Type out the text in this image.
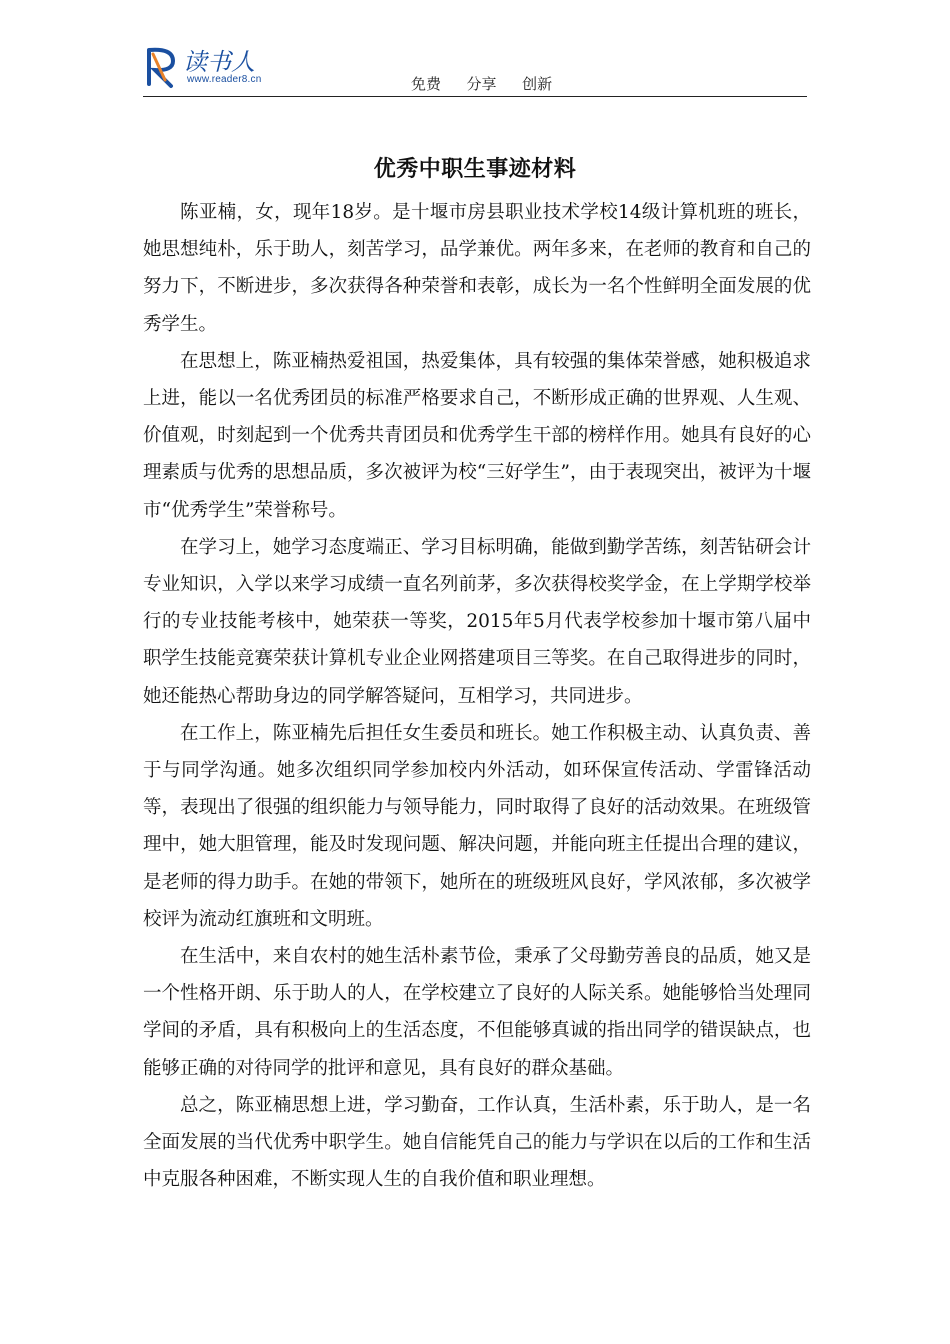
读书人
www.reader8.cn	免费  分享  创新
优秀中职生事迹材料

陈亚楠，女，现年18岁。是十堰市房县职业技术学校14级计算机班的班长，她思想纯朴，乐于助人，刻苦学习，品学兼优。两年多来，在老师的教育和自己的努力下，不断进步，多次获得各种荣誉和表彰，成长为一名个性鲜明全面发展的优秀学生。

在思想上，陈亚楠热爱祖国，热爱集体，具有较强的集体荣誉感，她积极追求上进，能以一名优秀团员的标准严格要求自己，不断形成正确的世界观、人生观、价值观，时刻起到一个优秀共青团员和优秀学生干部的榜样作用。她具有良好的心理素质与优秀的思想品质，多次被评为校“三好学生”，由于表现突出，被评为十堰市“优秀学生”荣誉称号。

在学习上，她学习态度端正、学习目标明确，能做到勤学苦练，刻苦钻研会计专业知识，入学以来学习成绩一直名列前茅，多次获得校奖学金，在上学期学校举行的专业技能考核中，她荣获一等奖，2015年5月代表学校参加十堰市第八届中职学生技能竞赛荣获计算机专业企业网搭建项目三等奖。在自己取得进步的同时，她还能热心帮助身边的同学解答疑问，互相学习，共同进步。

在工作上，陈亚楠先后担任女生委员和班长。她工作积极主动、认真负责、善于与同学沟通。她多次组织同学参加校内外活动，如环保宣传活动、学雷锋活动等，表现出了很强的组织能力与领导能力，同时取得了良好的活动效果。在班级管理中，她大胆管理，能及时发现问题、解决问题，并能向班主任提出合理的建议，是老师的得力助手。在她的带领下，她所在的班级班风良好，学风浓郁，多次被学校评为流动红旗班和文明班。

在生活中，来自农村的她生活朴素节俭，秉承了父母勤劳善良的品质，她又是一个性格开朗、乐于助人的人，在学校建立了良好的人际关系。她能够恰当处理同学间的矛盾，具有积极向上的生活态度，不但能够真诚的指出同学的错误缺点，也能够正确的对待同学的批评和意见，具有良好的群众基础。

总之，陈亚楠思想上进，学习勤奋，工作认真，生活朴素，乐于助人，是一名全面发展的当代优秀中职学生。她自信能凭自己的能力与学识在以后的工作和生活中克服各种困难，不断实现人生的自我价值和职业理想。
